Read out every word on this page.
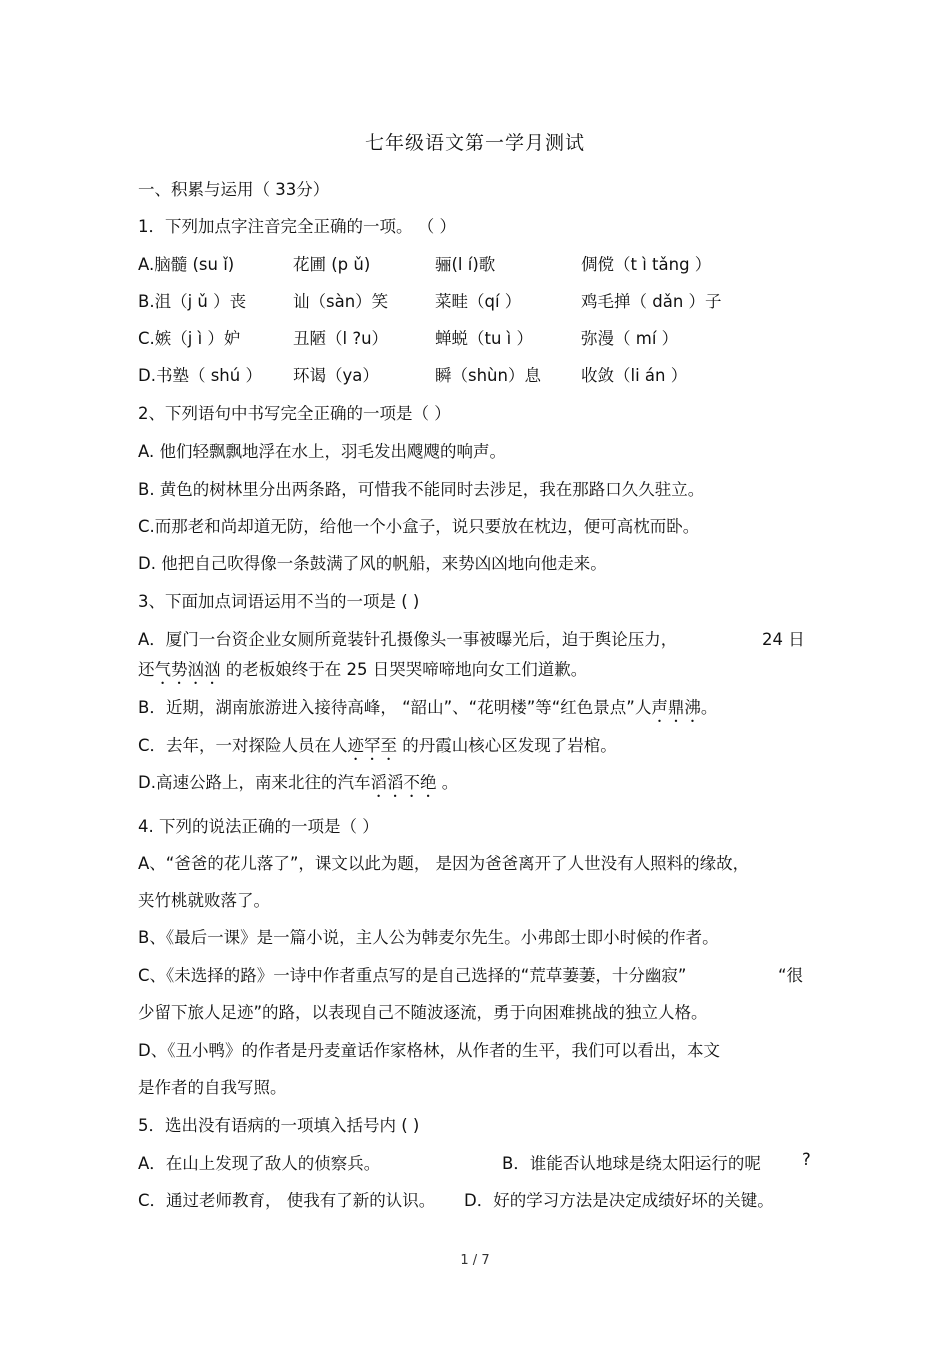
七年级语文第一学月测试
一、积累与运用（ 33分）
1．下列加点字注音完全正确的一项。 （ ）
A.脑髓 (su ǐ)	花圃 (p ǔ)	骊(l í)歌	倜傥（t ì tǎng ）
B.沮（j ǔ ）丧	讪（sàn）笑	菜畦（qí ）	鸡毛掸（ dǎn ）子
C.嫉（j ì ）妒	丑陋（l ?u）	蝉蜕（tu ì ）	弥漫（ mí ）
D.书塾（ shú ） 环谒（ya）	瞬（shùn）息 收敛（li án ）
2、下列语句中书写完全正确的一项是（ ）
A. 他们轻飘飘地浮在水上，羽毛发出飕飕的响声。
B. 黄色的树林里分出两条路，可惜我不能同时去涉足，我在那路口久久驻立。
C.而那老和尚却道无防，给他一个小盒子，说只要放在枕边，便可高枕而卧。
D. 他把自己吹得像一条鼓满了风的帆船，来势凶凶地向他走来。
3、下面加点词语运用不当的一项是 ( )
A．厦门一台资企业女厕所竟装针孔摄像头一事被曝光后，迫于舆论压力，	24 日
还气势汹汹 的老板娘终于在 25 日哭哭啼啼地向女工们道歉。
B．近期，湖南旅游进入接待高峰， “韶山”、“花明楼”等“红色景点”人声鼎沸。
C．去年，一对探险人员在人迹罕至 的丹霞山核心区发现了岩棺。
D.高速公路上，南来北往的汽车滔滔不绝 。
4. 下列的说法正确的一项是（ ）
A、“爸爸的花儿落了”，课文以此为题， 是因为爸爸离开了人世没有人照料的缘故，
夹竹桃就败落了。
B、《最后一课》是一篇小说，主人公为韩麦尔先生。小弗郎士即小时候的作者。
C、《未选择的路》一诗中作者重点写的是自己选择的“荒草萋萋，十分幽寂”	“很
少留下旅人足迹”的路，以表现自己不随波逐流，勇于向困难挑战的独立人格。
D、《丑小鸭》的作者是丹麦童话作家格林，从作者的生平，我们可以看出，本文
是作者的自我写照。
5．选出没有语病的一项填入括号内 ( )
A．在山上发现了敌人的侦察兵。	B．谁能否认地球是绕太阳运行的呢 ?
C．通过老师教育， 使我有了新的认识。 D．好的学习方法是决定成绩好坏的关键。
1 / 7
